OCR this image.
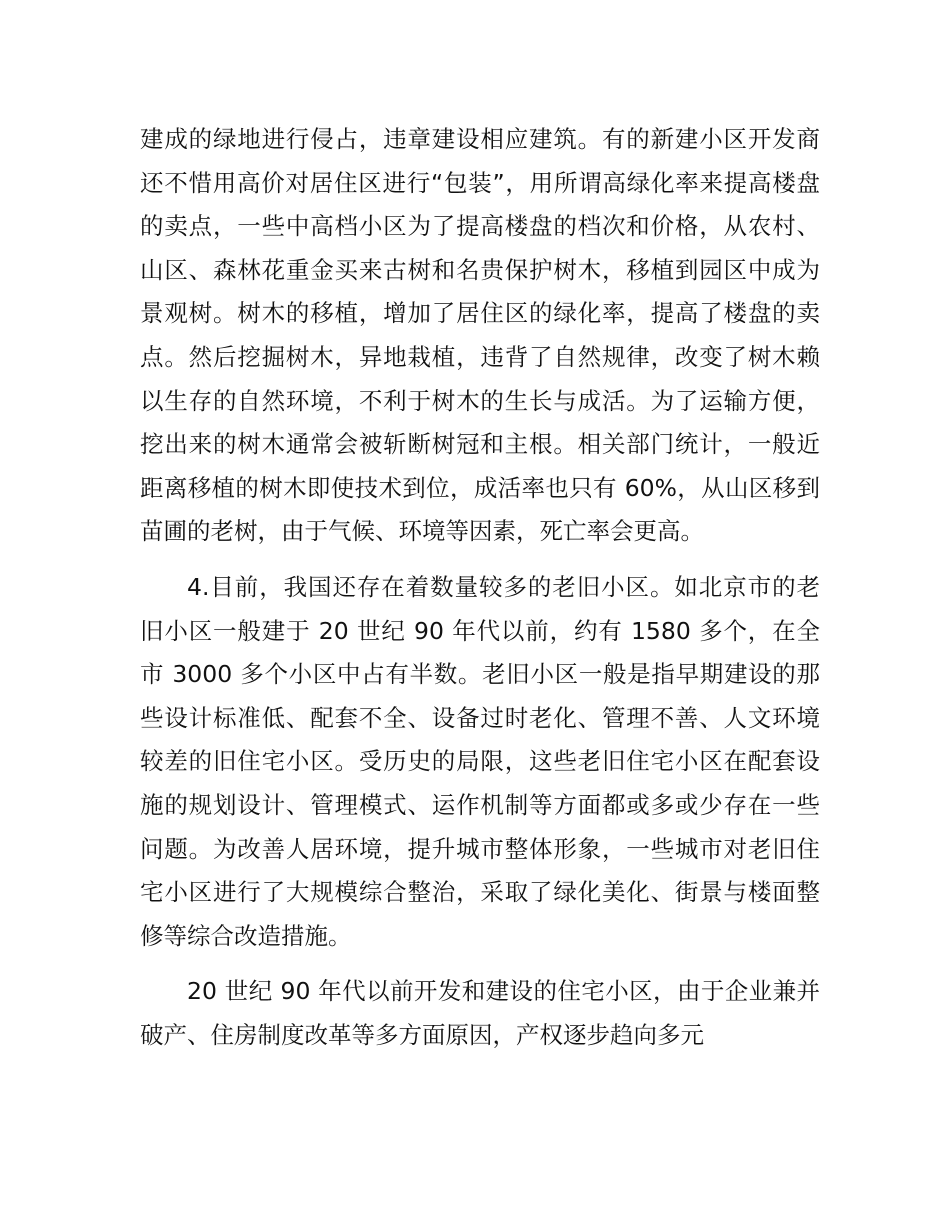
建成的绿地进行侵占，违章建设相应建筑。有的新建小区开发商还不惜用高价对居住区进行“包装”，用所谓高绿化率来提高楼盘的卖点，一些中高档小区为了提高楼盘的档次和价格，从农村、山区、森林花重金买来古树和名贵保护树木，移植到园区中成为景观树。树木的移植，增加了居住区的绿化率，提高了楼盘的卖点。然后挖掘树木，异地栽植，违背了自然规律，改变了树木赖以生存的自然环境，不利于树木的生长与成活。为了运输方便，挖出来的树木通常会被斩断树冠和主根。相关部门统计，一般近距离移植的树木即使技术到位，成活率也只有 60%，从山区移到苗圃的老树，由于气候、环境等因素，死亡率会更高。

4.目前，我国还存在着数量较多的老旧小区。如北京市的老旧小区一般建于 20 世纪 90 年代以前，约有 1580 多个，在全市 3000 多个小区中占有半数。老旧小区一般是指早期建设的那些设计标准低、配套不全、设备过时老化、管理不善、人文环境较差的旧住宅小区。受历史的局限，这些老旧住宅小区在配套设施的规划设计、管理模式、运作机制等方面都或多或少存在一些问题。为改善人居环境，提升城市整体形象，一些城市对老旧住宅小区进行了大规模综合整治，采取了绿化美化、街景与楼面整修等综合改造措施。

20 世纪 90 年代以前开发和建设的住宅小区，由于企业兼并破产、住房制度改革等多方面原因，产权逐步趋向多元
